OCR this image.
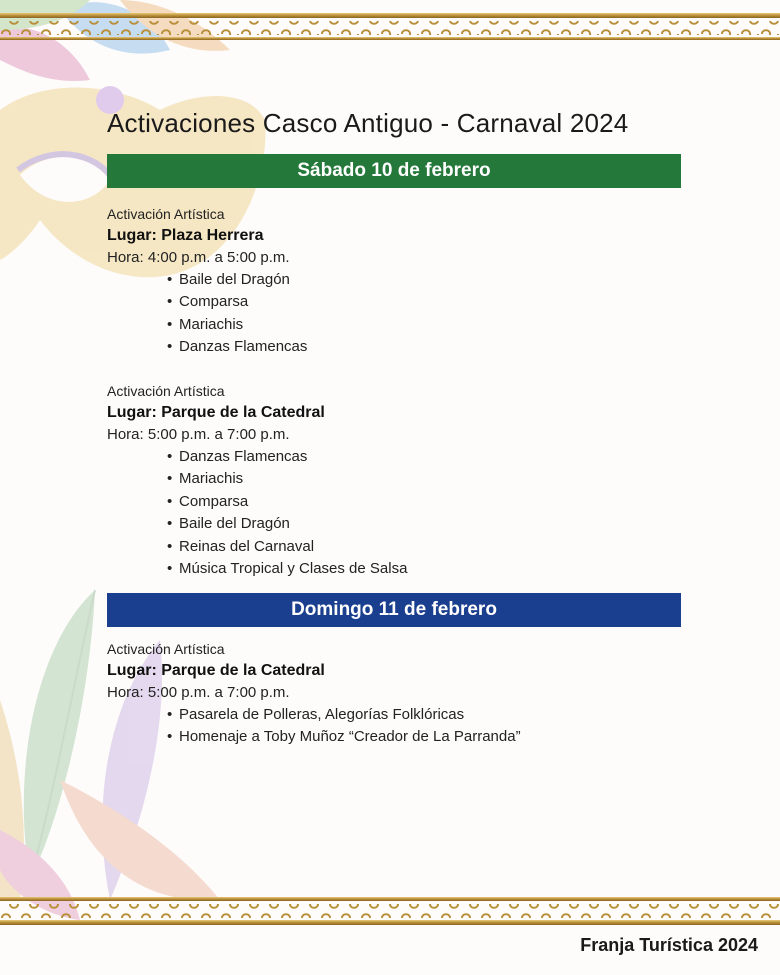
Activaciones Casco Antiguo - Carnaval 2024
Sábado 10 de febrero
Activación Artística
Lugar: Plaza Herrera
Hora: 4:00 p.m. a 5:00 p.m.
• Baile del Dragón
• Comparsa
• Mariachis
• Danzas Flamencas
Activación Artística
Lugar: Parque de la Catedral
Hora: 5:00 p.m. a 7:00 p.m.
• Danzas Flamencas
• Mariachis
• Comparsa
• Baile del Dragón
• Reinas del Carnaval
• Música Tropical y Clases de Salsa
Domingo 11 de febrero
Activación Artística
Lugar: Parque de la Catedral
Hora: 5:00 p.m. a 7:00 p.m.
• Pasarela de Polleras, Alegorías Folklóricas
• Homenaje a Toby Muñoz “Creador de La Parranda”
Franja Turística 2024
